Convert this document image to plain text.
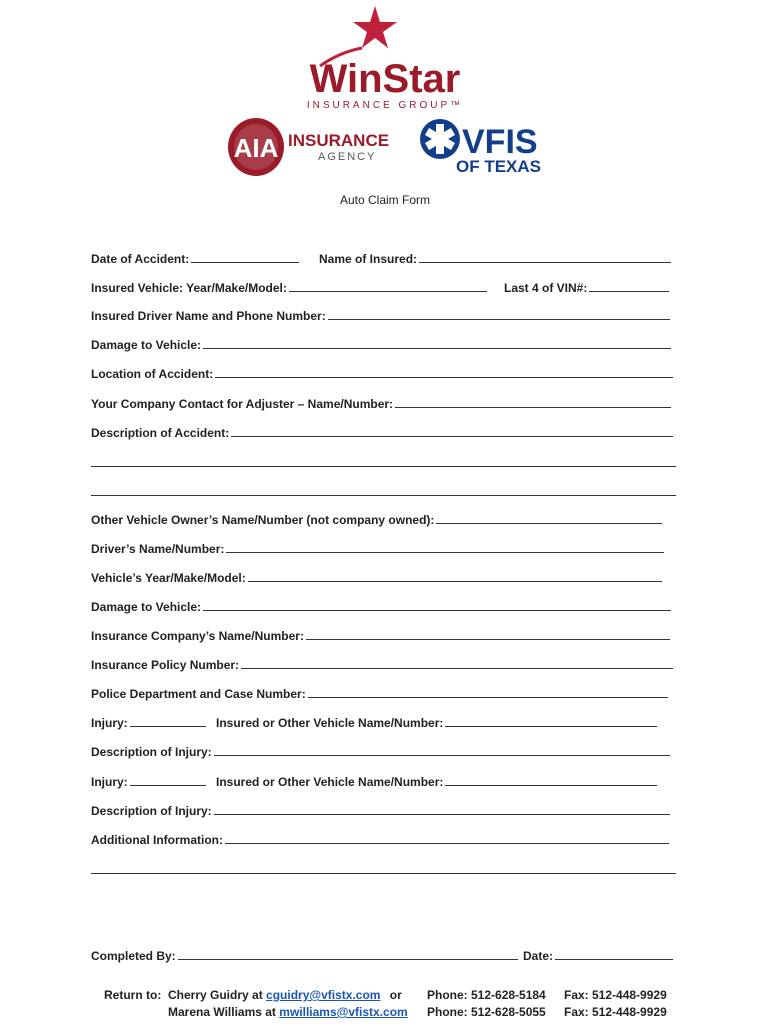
WinStar
INSURANCE GROUP™
AIA INSURANCE
AGENCY	VFIS
OF TEXAS
Auto Claim Form
Date of Accident:	Name of Insured:
Insured Vehicle: Year/Make/Model:	Last 4 of VIN#:
Insured Driver Name and Phone Number:
Damage to Vehicle:
Location of Accident:
Your Company Contact for Adjuster – Name/Number:
Description of Accident:
Other Vehicle Owner’s Name/Number (not company owned):
Driver’s Name/Number:
Vehicle’s Year/Make/Model:
Damage to Vehicle:
Insurance Company’s Name/Number:
Insurance Policy Number:
Police Department and Case Number:
Injury:	Insured or Other Vehicle Name/Number:
Description of Injury:
Injury:	Insured or Other Vehicle Name/Number:
Description of Injury:
Additional Information:
Completed By:	Date:
Return to: Cherry Guidry at cguidry@vfistx.com or Phone: 512-628-5184 Fax: 512-448-9929
Marena Williams at mwilliams@vfistx.com Phone: 512-628-5055 Fax: 512-448-9929
